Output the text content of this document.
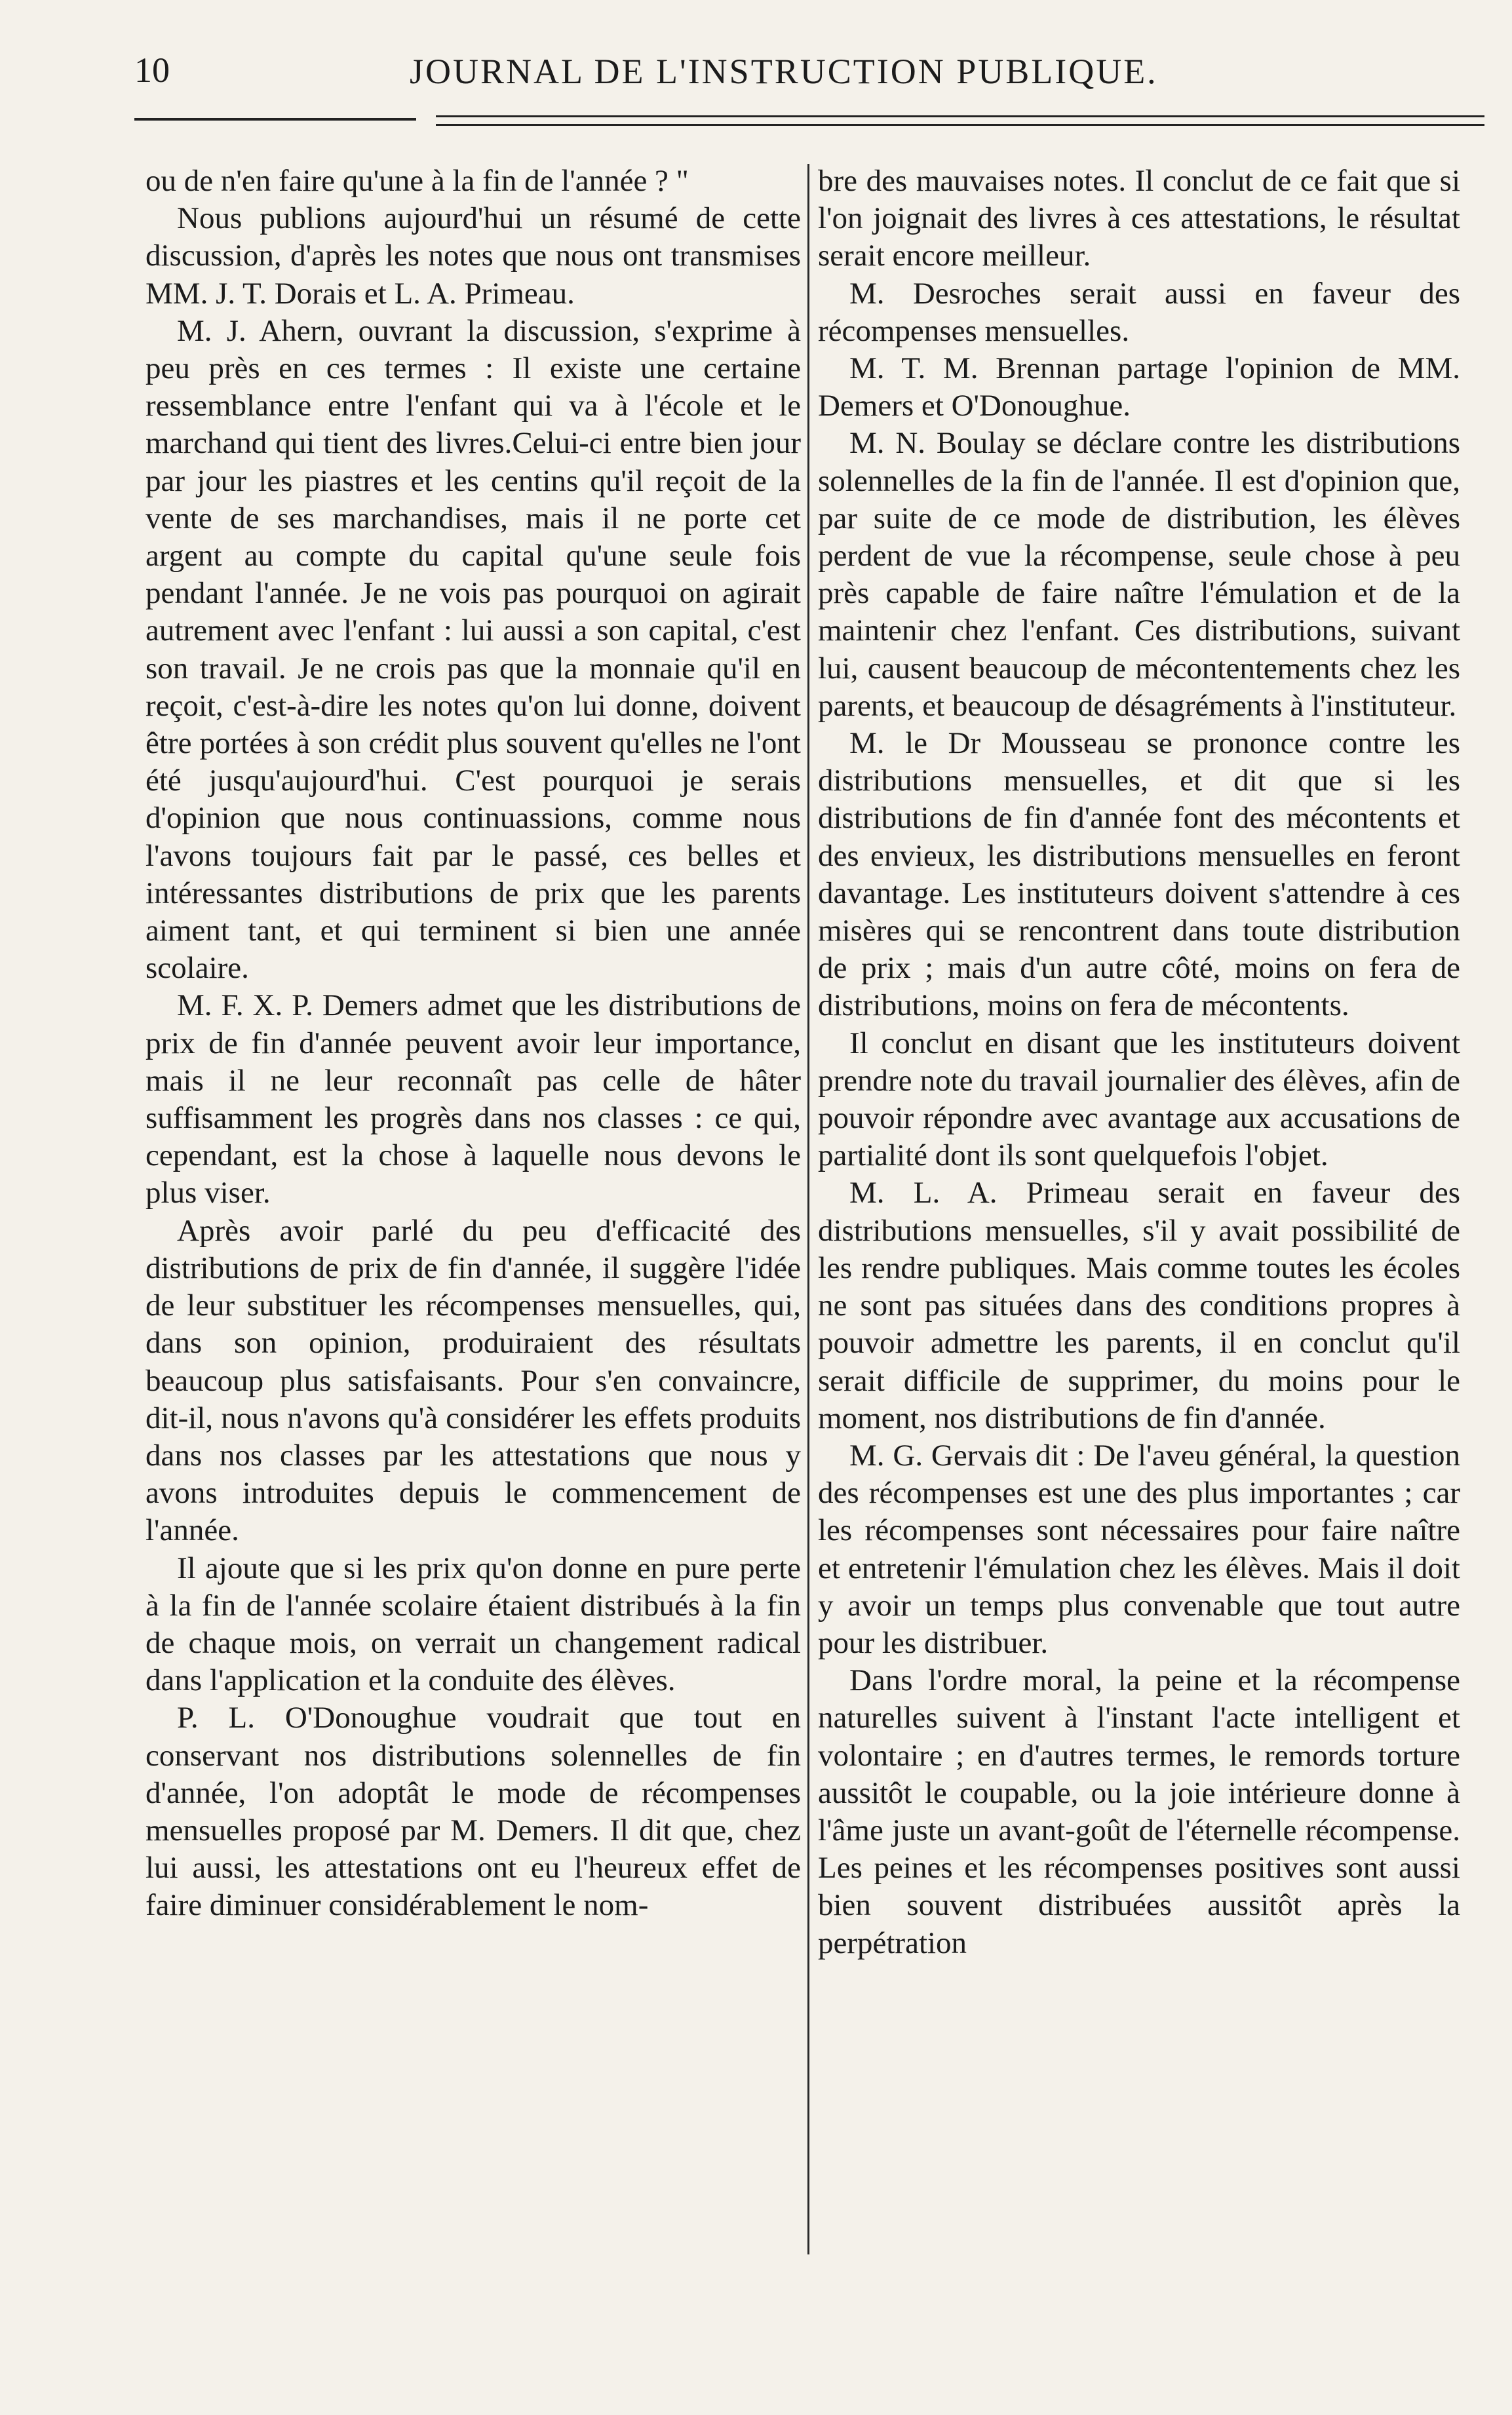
10	JOURNAL DE L'INSTRUCTION PUBLIQUE.

ou de n'en faire qu'une à la fin de l'année ? "

Nous publions aujourd'hui un résumé de cette discussion, d'après les notes que nous ont transmises MM. J. T. Dorais et L. A. Primeau.

M. J. Ahern, ouvrant la discussion, s'exprime à peu près en ces termes : Il existe une certaine ressemblance entre l'enfant qui va à l'école et le marchand qui tient des livres.Celui-ci entre bien jour par jour les piastres et les centins qu'il reçoit de la vente de ses marchandises, mais il ne porte cet argent au compte du capital qu'une seule fois pendant l'année. Je ne vois pas pourquoi on agirait autrement avec l'enfant : lui aussi a son capital, c'est son travail. Je ne crois pas que la monnaie qu'il en reçoit, c'est-à-dire les notes qu'on lui donne, doivent être portées à son crédit plus souvent qu'elles ne l'ont été jusqu'aujourd'hui. C'est pourquoi je serais d'opinion que nous continuassions, comme nous l'avons toujours fait par le passé, ces belles et intéressantes distributions de prix que les parents aiment tant, et qui terminent si bien une année scolaire.

M. F. X. P. Demers admet que les distributions de prix de fin d'année peuvent avoir leur importance, mais il ne leur reconnaît pas celle de hâter suffisamment les progrès dans nos classes : ce qui, cependant, est la chose à laquelle nous devons le plus viser.

Après avoir parlé du peu d'efficacité des distributions de prix de fin d'année, il suggère l'idée de leur substituer les récompenses mensuelles, qui, dans son opinion, produiraient des résultats beaucoup plus satisfaisants. Pour s'en convaincre, dit-il, nous n'avons qu'à considérer les effets produits dans nos classes par les attestations que nous y avons introduites depuis le commencement de l'année.

Il ajoute que si les prix qu'on donne en pure perte à la fin de l'année scolaire étaient distribués à la fin de chaque mois, on verrait un changement radical dans l'application et la conduite des élèves.

P. L. O'Donoughue voudrait que tout en conservant nos distributions solennelles de fin d'année, l'on adoptât le mode de récompenses mensuelles proposé par M. Demers. Il dit que, chez lui aussi, les attestations ont eu l'heureux effet de faire diminuer considérablement le nom-

bre des mauvaises notes. Il conclut de ce fait que si l'on joignait des livres à ces attestations, le résultat serait encore meilleur.

M. Desroches serait aussi en faveur des récompenses mensuelles.

M. T. M. Brennan partage l'opinion de MM. Demers et O'Donoughue.

M. N. Boulay se déclare contre les distributions solennelles de la fin de l'année. Il est d'opinion que, par suite de ce mode de distribution, les élèves perdent de vue la récompense, seule chose à peu près capable de faire naître l'émulation et de la maintenir chez l'enfant. Ces distributions, suivant lui, causent beaucoup de mécontentements chez les parents, et beaucoup de désagréments à l'instituteur.

M. le Dr Mousseau se prononce contre les distributions mensuelles, et dit que si les distributions de fin d'année font des mécontents et des envieux, les distributions mensuelles en feront davantage. Les instituteurs doivent s'attendre à ces misères qui se rencontrent dans toute distribution de prix ; mais d'un autre côté, moins on fera de distributions, moins on fera de mécontents.

Il conclut en disant que les instituteurs doivent prendre note du travail journalier des élèves, afin de pouvoir répondre avec avantage aux accusations de partialité dont ils sont quelquefois l'objet.

M. L. A. Primeau serait en faveur des distributions mensuelles, s'il y avait possibilité de les rendre publiques. Mais comme toutes les écoles ne sont pas situées dans des conditions propres à pouvoir admettre les parents, il en conclut qu'il serait difficile de supprimer, du moins pour le moment, nos distributions de fin d'année.

M. G. Gervais dit : De l'aveu général, la question des récompenses est une des plus importantes ; car les récompenses sont nécessaires pour faire naître et entretenir l'émulation chez les élèves. Mais il doit y avoir un temps plus convenable que tout autre pour les distribuer.

Dans l'ordre moral, la peine et la récompense naturelles suivent à l'instant l'acte intelligent et volontaire ; en d'autres termes, le remords torture aussitôt le coupable, ou la joie intérieure donne à l'âme juste un avant-goût de l'éternelle récompense. Les peines et les récompenses positives sont aussi bien souvent distribuées aussitôt après la perpétration
